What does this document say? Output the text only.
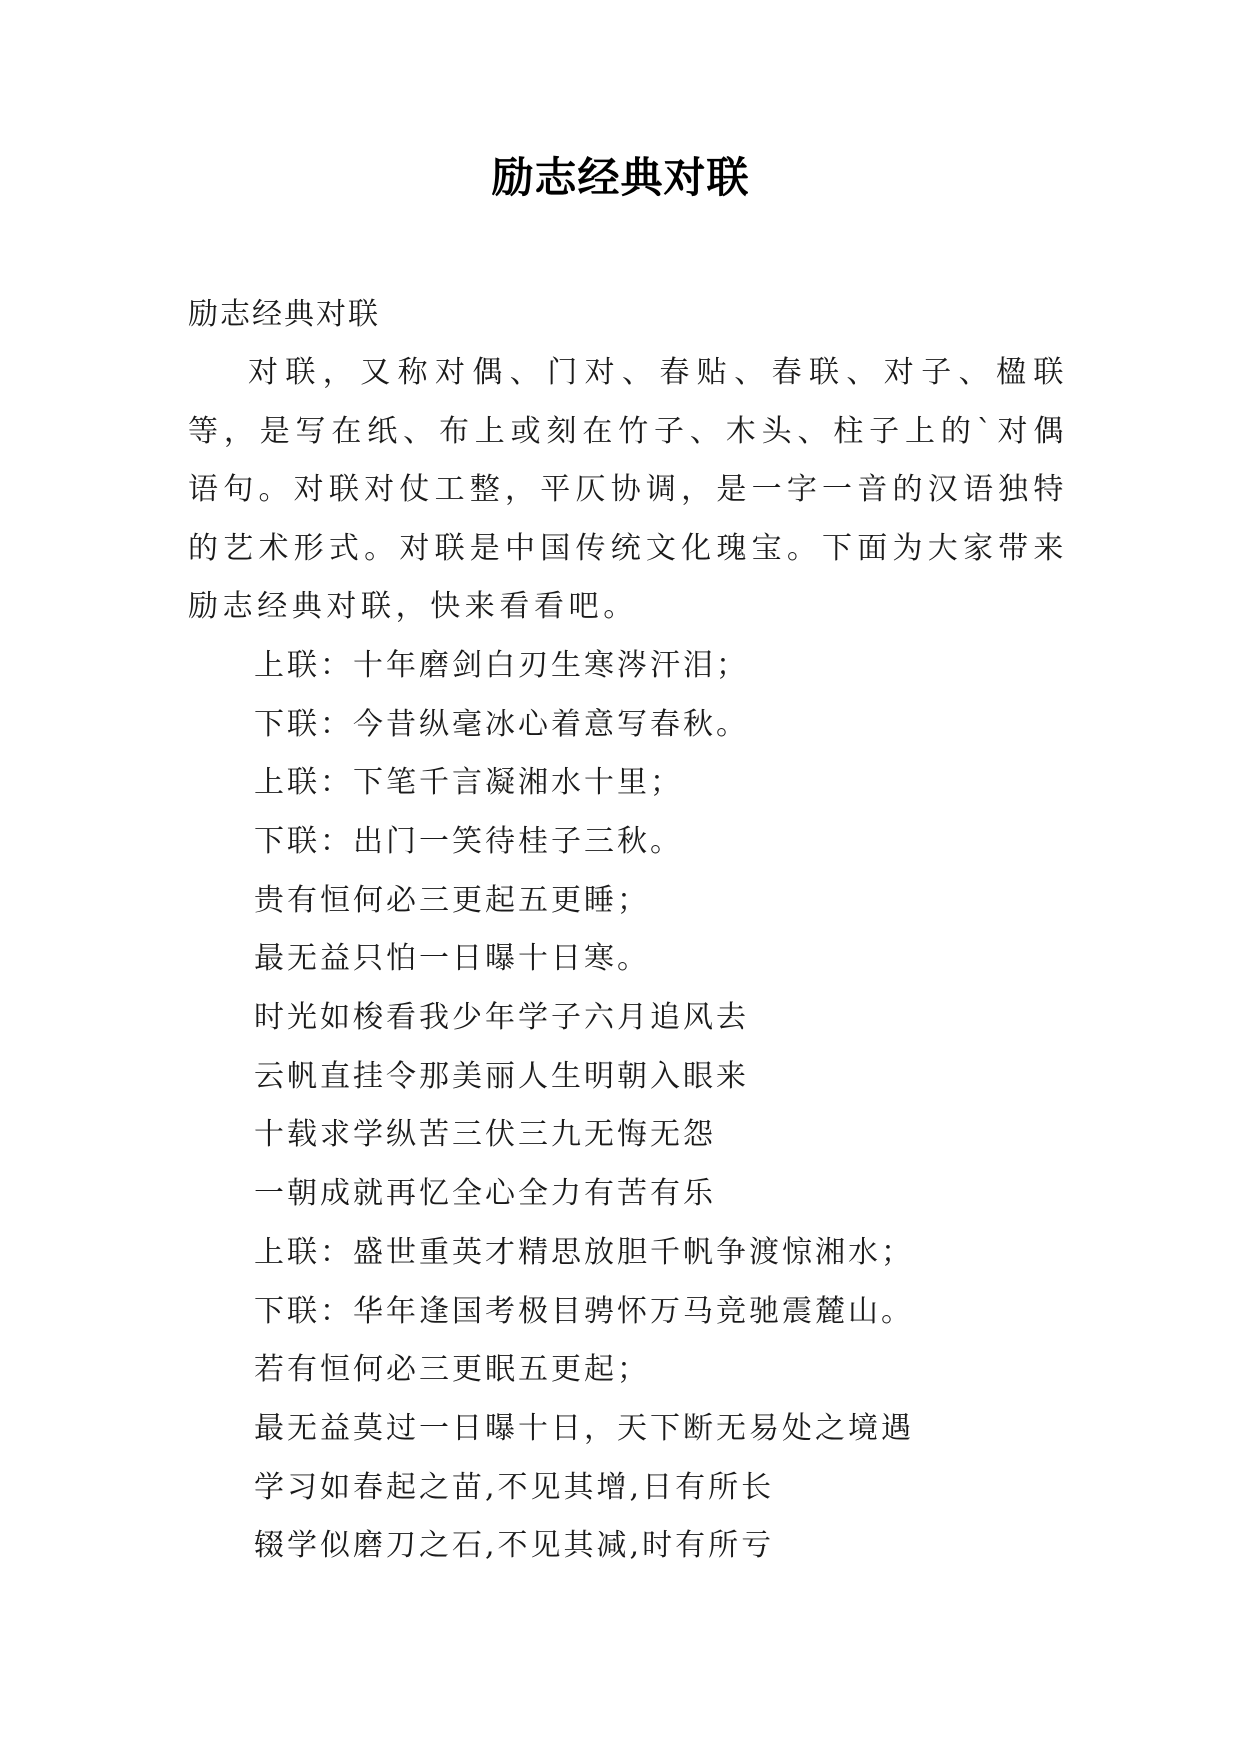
励志经典对联
励志经典对联

对联，又称对偶、门对、春贴、春联、对子、楹联等，是写在纸、布上或刻在竹子、木头、柱子上的`对偶语句。对联对仗工整，平仄协调，是一字一音的汉语独特的艺术形式。对联是中国传统文化瑰宝。下面为大家带来励志经典对联，快来看看吧。

上联：十年磨剑白刃生寒涔汗泪；
下联：今昔纵毫冰心着意写春秋。
上联：下笔千言凝湘水十里；
下联：出门一笑待桂子三秋。
贵有恒何必三更起五更睡；
最无益只怕一日曝十日寒。
时光如梭看我少年学子六月追风去
云帆直挂令那美丽人生明朝入眼来
十载求学纵苦三伏三九无悔无怨
一朝成就再忆全心全力有苦有乐
上联：盛世重英才精思放胆千帆争渡惊湘水；
下联：华年逢国考极目骋怀万马竞驰震麓山。
若有恒何必三更眠五更起；
最无益莫过一日曝十日，天下断无易处之境遇
学习如春起之苗,不见其增,日有所长
辍学似磨刀之石,不见其减,时有所亏
